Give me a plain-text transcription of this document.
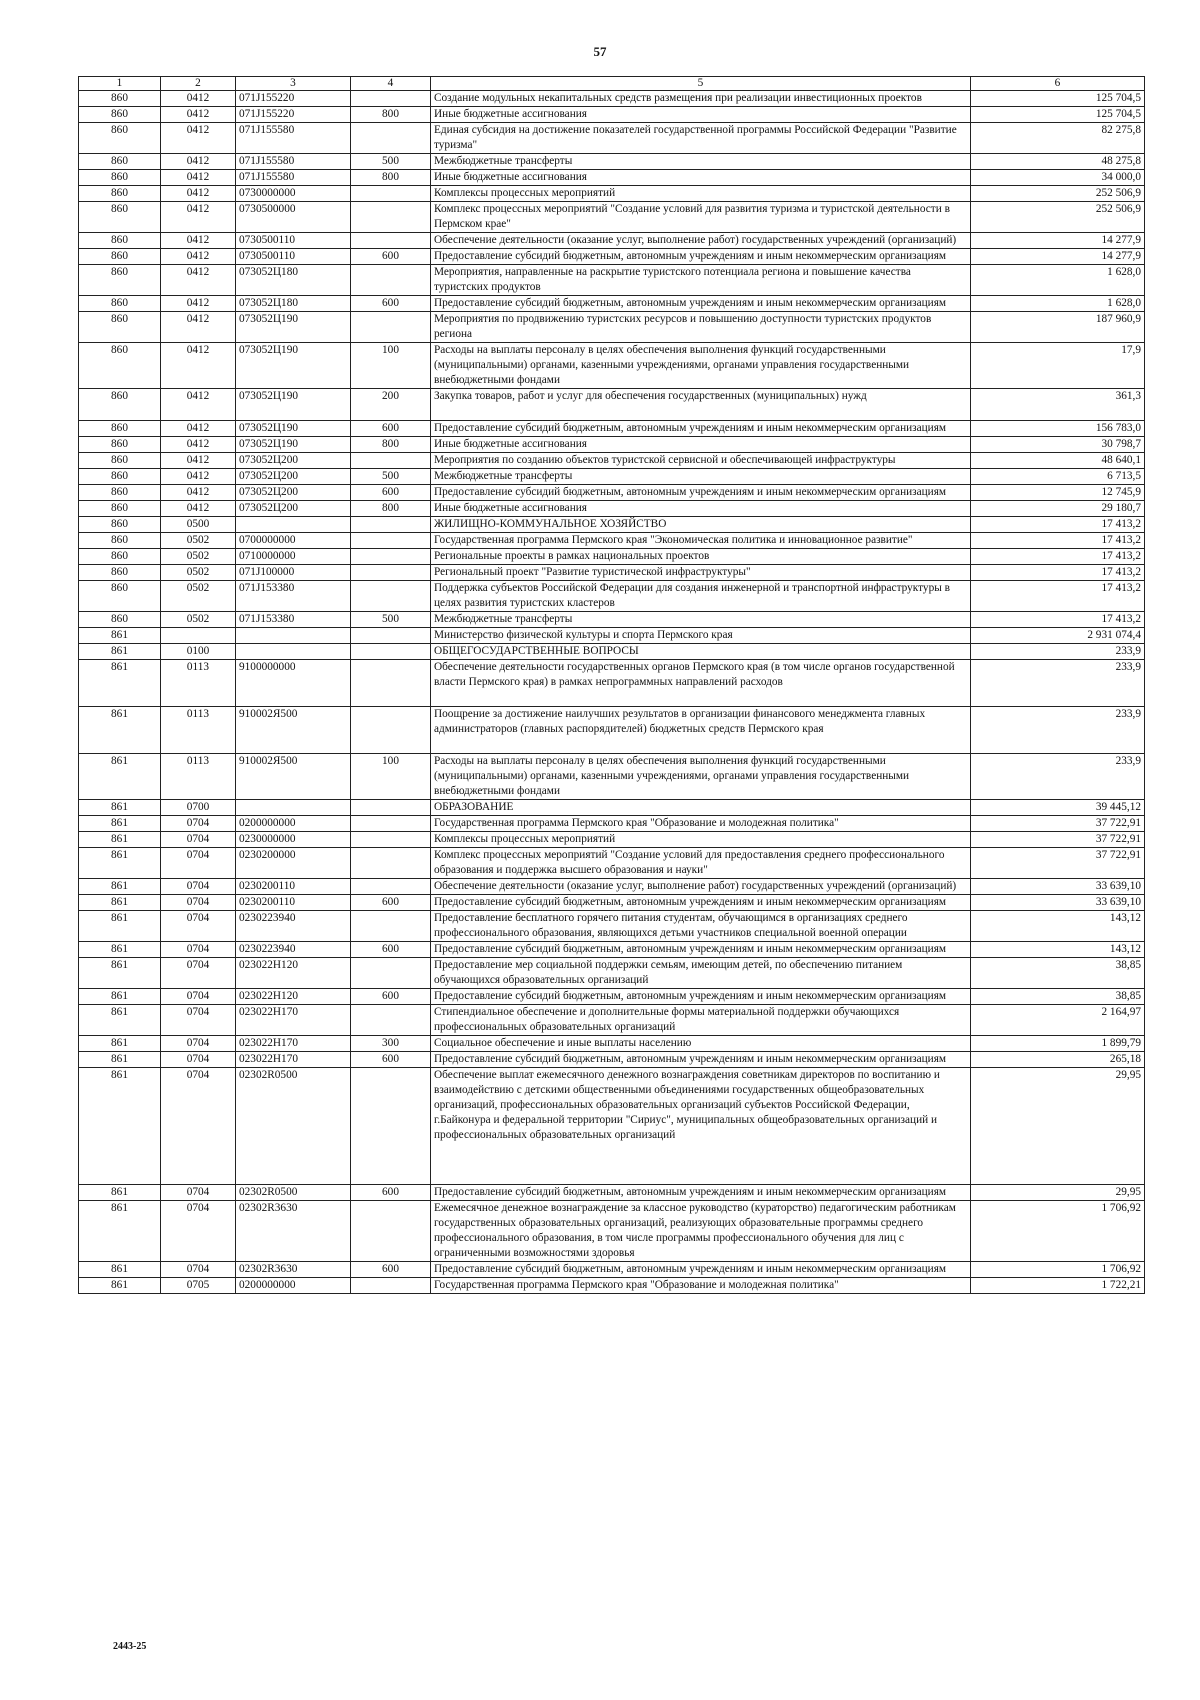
57
1	2	3	4	5	6
860	0412	071J155220		Создание модульных некапитальных средств размещения при реализации инвестиционных проектов	125 704,5
860	0412	071J155220	800	Иные бюджетные ассигнования	125 704,5
860	0412	071J155580		Единая субсидия на достижение показателей государственной программы Российской Федерации "Развитие туризма"	82 275,8
860	0412	071J155580	500	Межбюджетные трансферты	48 275,8
860	0412	071J155580	800	Иные бюджетные ассигнования	34 000,0
860	0412	0730000000		Комплексы процессных мероприятий	252 506,9
860	0412	0730500000		Комплекс процессных мероприятий "Создание условий для развития туризма и туристской деятельности в Пермском крае"	252 506,9
860	0412	0730500110		Обеспечение деятельности (оказание услуг, выполнение работ) государственных учреждений (организаций)	14 277,9
860	0412	0730500110	600	Предоставление субсидий бюджетным, автономным учреждениям и иным некоммерческим организациям	14 277,9
860	0412	073052Ц180		Мероприятия, направленные на раскрытие туристского потенциала региона и повышение качества туристских продуктов	1 628,0
860	0412	073052Ц180	600	Предоставление субсидий бюджетным, автономным учреждениям и иным некоммерческим организациям	1 628,0
860	0412	073052Ц190		Мероприятия по продвижению туристских ресурсов и повышению доступности туристских продуктов региона	187 960,9
860	0412	073052Ц190	100	Расходы на выплаты персоналу в целях обеспечения выполнения функций государственными (муниципальными) органами, казенными учреждениями, органами управления государственными внебюджетными фондами	17,9
860	0412	073052Ц190	200	Закупка товаров, работ и услуг для обеспечения государственных (муниципальных) нужд	361,3
860	0412	073052Ц190	600	Предоставление субсидий бюджетным, автономным учреждениям и иным некоммерческим организациям	156 783,0
860	0412	073052Ц190	800	Иные бюджетные ассигнования	30 798,7
860	0412	073052Ц200		Мероприятия по созданию объектов туристской сервисной и обеспечивающей инфраструктуры	48 640,1
860	0412	073052Ц200	500	Межбюджетные трансферты	6 713,5
860	0412	073052Ц200	600	Предоставление субсидий бюджетным, автономным учреждениям и иным некоммерческим организациям	12 745,9
860	0412	073052Ц200	800	Иные бюджетные ассигнования	29 180,7
860	0500			ЖИЛИЩНО-КОММУНАЛЬНОЕ ХОЗЯЙСТВО	17 413,2
860	0502	0700000000		Государственная программа Пермского края "Экономическая политика и инновационное развитие"	17 413,2
860	0502	0710000000		Региональные проекты в рамках национальных проектов	17 413,2
860	0502	071J100000		Региональный проект "Развитие туристической инфраструктуры"	17 413,2
860	0502	071J153380		Поддержка субъектов Российской Федерации для создания инженерной и транспортной инфраструктуры в целях развития туристских кластеров	17 413,2
860	0502	071J153380	500	Межбюджетные трансферты	17 413,2
861				Министерство физической культуры и спорта Пермского края	2 931 074,4
861	0100			ОБЩЕГОСУДАРСТВЕННЫЕ ВОПРОСЫ	233,9
861	0113	9100000000		Обеспечение деятельности государственных органов Пермского края (в том числе органов государственной власти Пермского края) в рамках непрограммных направлений расходов	233,9
861	0113	910002Я500		Поощрение за достижение наилучших результатов в организации финансового менеджмента главных администраторов (главных распорядителей) бюджетных средств Пермского края	233,9
861	0113	910002Я500	100	Расходы на выплаты персоналу в целях обеспечения выполнения функций государственными (муниципальными) органами, казенными учреждениями, органами управления государственными внебюджетными фондами	233,9
861	0700			ОБРАЗОВАНИЕ	39 445,12
861	0704	0200000000		Государственная программа Пермского края "Образование и молодежная политика"	37 722,91
861	0704	0230000000		Комплексы процессных мероприятий	37 722,91
861	0704	0230200000		Комплекс процессных мероприятий "Создание условий для предоставления среднего профессионального образования и поддержка высшего образования и науки"	37 722,91
861	0704	0230200110		Обеспечение деятельности (оказание услуг, выполнение работ) государственных учреждений (организаций)	33 639,10
861	0704	0230200110	600	Предоставление субсидий бюджетным, автономным учреждениям и иным некоммерческим организациям	33 639,10
861	0704	0230223940		Предоставление бесплатного горячего питания студентам, обучающимся в организациях среднего профессионального образования, являющихся детьми участников специальной военной операции	143,12
861	0704	0230223940	600	Предоставление субсидий бюджетным, автономным учреждениям и иным некоммерческим организациям	143,12
861	0704	023022Н120		Предоставление мер социальной поддержки семьям, имеющим детей, по обеспечению питанием обучающихся образовательных организаций	38,85
861	0704	023022Н120	600	Предоставление субсидий бюджетным, автономным учреждениям и иным некоммерческим организациям	38,85
861	0704	023022Н170		Стипендиальное обеспечение и дополнительные формы материальной поддержки обучающихся профессиональных образовательных организаций	2 164,97
861	0704	023022Н170	300	Социальное обеспечение и иные выплаты населению	1 899,79
861	0704	023022Н170	600	Предоставление субсидий бюджетным, автономным учреждениям и иным некоммерческим организациям	265,18
861	0704	02302R0500		Обеспечение выплат ежемесячного денежного вознаграждения советникам директоров по воспитанию и взаимодействию с детскими общественными объединениями государственных общеобразовательных организаций, профессиональных образовательных организаций субъектов Российской Федерации, г.Байконура и федеральной территории "Сириус", муниципальных общеобразовательных организаций и профессиональных образовательных организаций	29,95
861	0704	02302R0500	600	Предоставление субсидий бюджетным, автономным учреждениям и иным некоммерческим организациям	29,95
861	0704	02302R3630		Ежемесячное денежное вознаграждение за классное руководство (кураторство) педагогическим работникам государственных образовательных организаций, реализующих образовательные программы среднего профессионального образования, в том числе программы профессионального обучения для лиц с ограниченными возможностями здоровья	1 706,92
861	0704	02302R3630	600	Предоставление субсидий бюджетным, автономным учреждениям и иным некоммерческим организациям	1 706,92
861	0705	0200000000		Государственная программа Пермского края "Образование и молодежная политика"	1 722,21
2443-25
